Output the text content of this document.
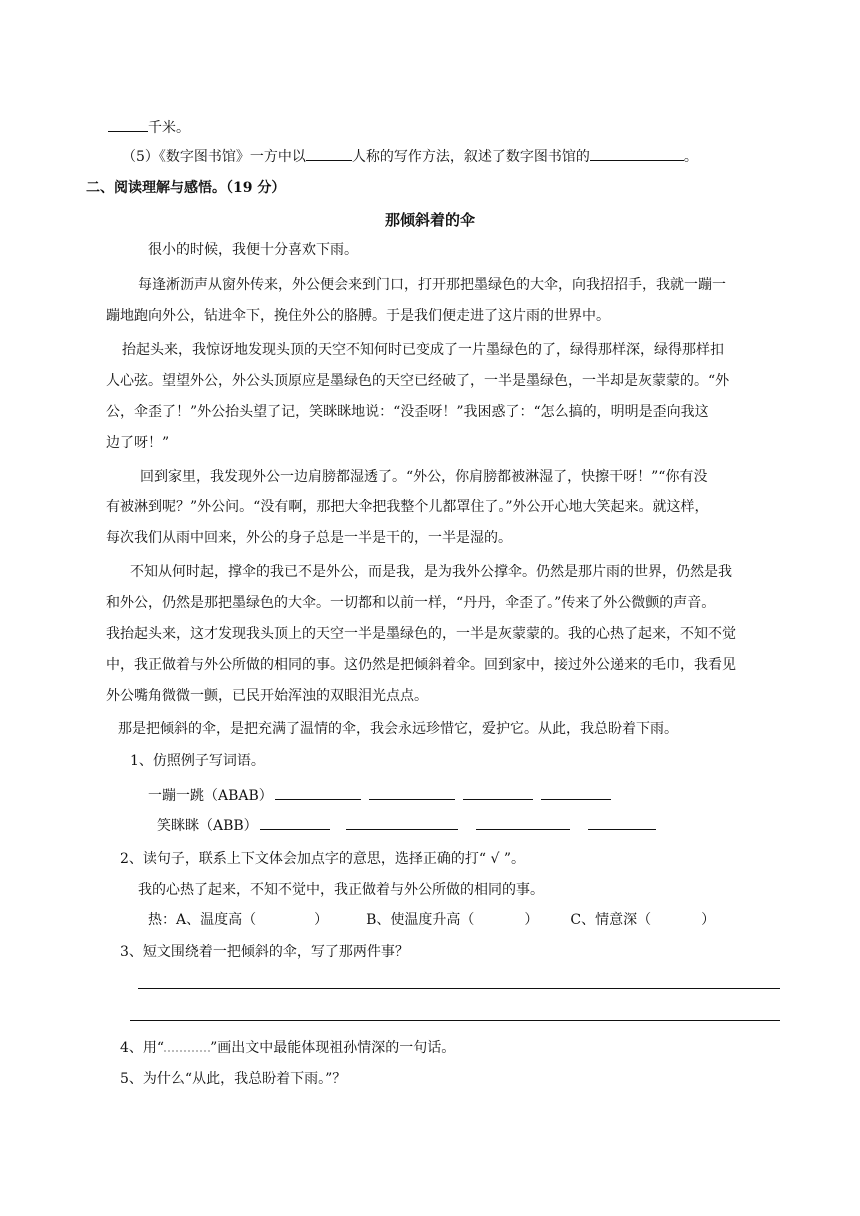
千米。
（5）《数字图书馆》一方中以	人称的写作方法，叙述了数字图书馆的	。
二、阅读理解与感悟。（19 分）
那倾斜着的伞
很小的时候，我便十分喜欢下雨。
每逢淅沥声从窗外传来，外公便会来到门口，打开那把墨绿色的大伞，向我招招手，我就一蹦一
蹦地跑向外公，钻进伞下，挽住外公的胳膊。于是我们便走进了这片雨的世界中。
抬起头来，我惊讶地发现头顶的天空不知何时已变成了一片墨绿色的了，绿得那样深，绿得那样扣
人心弦。望望外公，外公头顶原应是墨绿色的天空已经破了，一半是墨绿色，一半却是灰蒙蒙的。“外
公，伞歪了！”外公抬头望了记，笑眯眯地说：“没歪呀！”我困惑了：“怎么搞的，明明是歪向我这
边了呀！”
回到家里，我发现外公一边肩膀都湿透了。“外公，你肩膀都被淋湿了，快擦干呀！”“你有没
有被淋到呢？”外公问。“没有啊，那把大伞把我整个儿都罩住了。”外公开心地大笑起来。就这样，
每次我们从雨中回来，外公的身子总是一半是干的，一半是湿的。
不知从何时起，撑伞的我已不是外公，而是我，是为我外公撑伞。仍然是那片雨的世界，仍然是我
和外公，仍然是那把墨绿色的大伞。一切都和以前一样，“丹丹，伞歪了。”传来了外公微颤的声音。
我抬起头来，这才发现我头顶上的天空一半是墨绿色的，一半是灰蒙蒙的。我的心热了起来，不知不觉
中，我正做着与外公所做的相同的事。这仍然是把倾斜着伞。回到家中，接过外公递来的毛巾，我看见
外公嘴角微微一颤，已民开始浑浊的双眼泪光点点。
那是把倾斜的伞，是把充满了温情的伞，我会永远珍惜它，爱护它。从此，我总盼着下雨。
1、仿照例子写词语。
一蹦一跳（ABAB）
笑眯眯（ABB）
2、读句子，联系上下文体会加点字的意思，选择正确的打“ √ ”。
我的心热了起来，不知不觉中，我正做着与外公所做的相同的事。
热：A、温度高（	）	B、使温度升高（	） C、情意深（	）
3、短文围绕着一把倾斜的伞，写了那两件事？
4、用“	”画出文中最能体现祖孙情深的一句话。
5、为什么“从此，我总盼着下雨。”？
